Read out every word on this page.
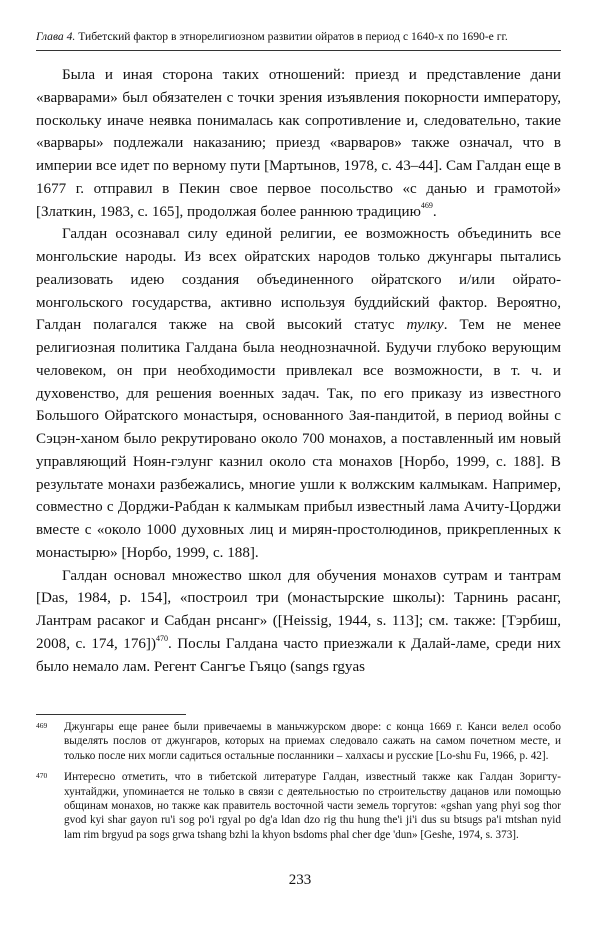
Глава 4. Тибетский фактор в этнорелигиозном развитии ойратов в период с 1640-х по 1690-е гг.

Была и иная сторона таких отношений: приезд и представление дани «варварами» был обязателен с точки зрения изъявления покорности императору, поскольку иначе неявка понималась как сопротивление и, следовательно, такие «варвары» подлежали наказанию; приезд «варваров» также означал, что в империи все идет по верному пути [Мартынов, 1978, с. 43–44]. Сам Галдан еще в 1677 г. отправил в Пекин свое первое посольство «с данью и грамотой» [Златкин, 1983, с. 165], продолжая более раннюю традицию$^{469}$.

Галдан осознавал силу единой религии, ее возможность объединить все монгольские народы. Из всех ойратских народов только джунгары пытались реализовать идею создания объединенного ойратского и/или ойрато-монгольского государства, активно используя буддийский фактор. Вероятно, Галдан полагался также на свой высокий статус тулку. Тем не менее религиозная политика Галдана была неоднозначной. Будучи глубоко верующим человеком, он при необходимости привлекал все возможности, в т. ч. и духовенство, для решения военных задач. Так, по его приказу из известного Большого Ойратского монастыря, основанного Зая-пандитой, в период войны с Сэцэн-ханом было рекрутировано около 700 монахов, а поставленный им новый управляющий Ноян-гэлунг казнил около ста монахов [Норбо, 1999, с. 188]. В результате монахи разбежались, многие ушли к волжским калмыкам. Например, совместно с Дорджи-Рабдан к калмыкам прибыл известный лама Ачиту-Цорджи вместе с «около 1000 духовных лиц и мирян-простолюдинов, прикрепленных к монастырю» [Норбо, 1999, с. 188].

Галдан основал множество школ для обучения монахов сутрам и тантрам [Das, 1984, p. 154], «построил три (монастырские школы): Тарнинь расанг, Лантрам расаког и Сабдан рнсанг» ([Heissig, 1944, s. 113]; см. также: [Тэрбиш, 2008, с. 174, 176])$^{470}$. Послы Галдана часто приезжали к Далай-ламе, среди них было немало лам. Регент Сангъе Гьяцо (sangs rgyas

469	Джунгары еще ранее были привечаемы в маньчжурском дворе: с конца 1669 г. Канси велел особо выделять послов от джунгаров, которых на приемах следовало сажать на самом почетном месте, и только после них могли садиться остальные посланники – халхасы и русские [Lo-shu Fu, 1966, p. 42].
470	Интересно отметить, что в тибетской литературе Галдан, известный также как Галдан Зоригту-хунтайджи, упоминается не только в связи с деятельностью по строительству дацанов или помощью общинам монахов, но также как правитель восточной части земель торгутов: «gshan yang phyi sog thor gvod kyi shar gayon ru'i sog po'i rgyal po dg'a ldan dzo rig thu hung the'i ji'i dus su btsugs pa'i mtshan nyid lam rim brgyud pa sogs grwa tshang bzhi la khyon bsdoms phal cher dge 'dun» [Geshe, 1974, s. 373].
233
